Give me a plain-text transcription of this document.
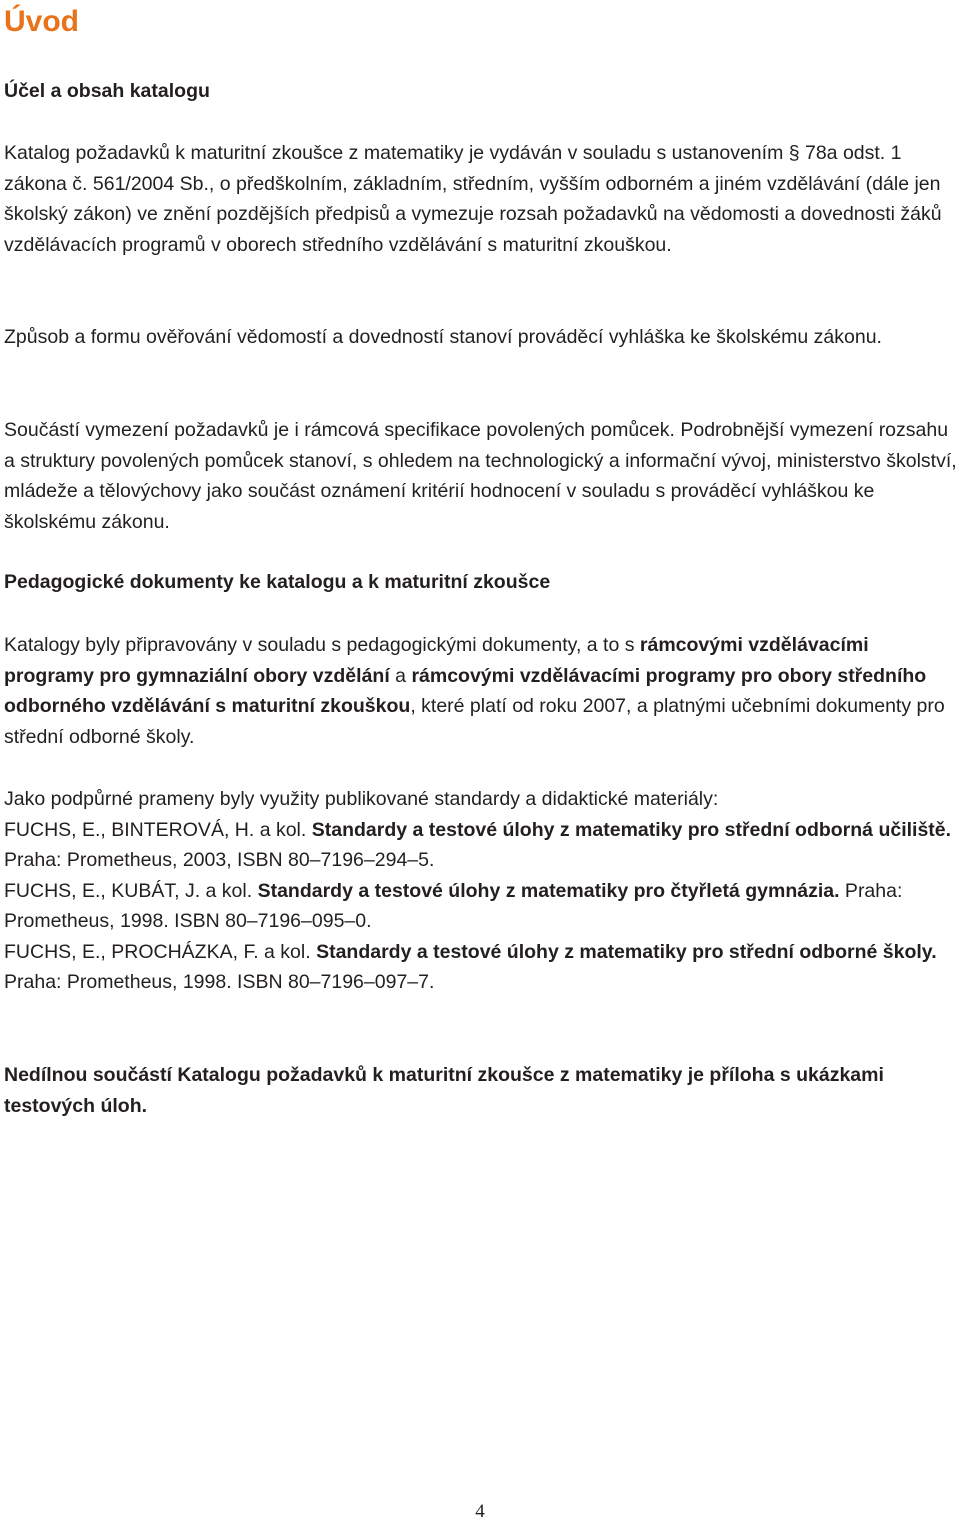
Úvod
Účel a obsah katalogu

Katalog požadavků k maturitní zkoušce z matematiky je vydáván v souladu s ustanovením § 78a odst. 1 zákona č. 561/2004 Sb., o předškolním, základním, středním, vyšším odborném a jiném vzdělávání (dále jen školský zákon) ve znění pozdějších předpisů a vymezuje rozsah požadavků na vědomosti a dovednosti žáků vzdělávacích programů v oborech středního vzdělávání s maturitní zkouškou.

Způsob a formu ověřování vědomostí a dovedností stanoví prováděcí vyhláška ke školskému zákonu.

Součástí vymezení požadavků je i rámcová specifikace povolených pomůcek. Podrobnější vymezení rozsahu a struktury povolených pomůcek stanoví, s ohledem na technologický a informační vývoj, ministerstvo školství, mládeže a tělovýchovy jako součást oznámení kritérií hodnocení v souladu s prováděcí vyhláškou ke školskému zákonu.

Pedagogické dokumenty ke katalogu a k maturitní zkoušce

Katalogy byly připravovány v souladu s pedagogickými dokumenty, a to s rámcovými vzdělávacími programy pro gymnaziální obory vzdělání a rámcovými vzdělávacími programy pro obory středního odborného vzdělávání s maturitní zkouškou, které platí od roku 2007, a platnými učebními dokumenty pro střední odborné školy.

Jako podpůrné prameny byly využity publikované standardy a didaktické materiály:
FUCHS, E., BINTEROVÁ, H. a kol. Standardy a testové úlohy z matematiky pro střední odborná učiliště. Praha: Prometheus, 2003, ISBN 80–7196–294–5.
FUCHS, E., KUBÁT, J. a kol. Standardy a testové úlohy z matematiky pro čtyřletá gymnázia. Praha: Prometheus, 1998. ISBN 80–7196–095–0.
FUCHS, E., PROCHÁZKA, F. a kol. Standardy a testové úlohy z matematiky pro střední odborné školy. Praha: Prometheus, 1998. ISBN 80–7196–097–7.

Nedílnou součástí Katalogu požadavků k maturitní zkoušce z matematiky je příloha s ukázkami testových úloh.

4
